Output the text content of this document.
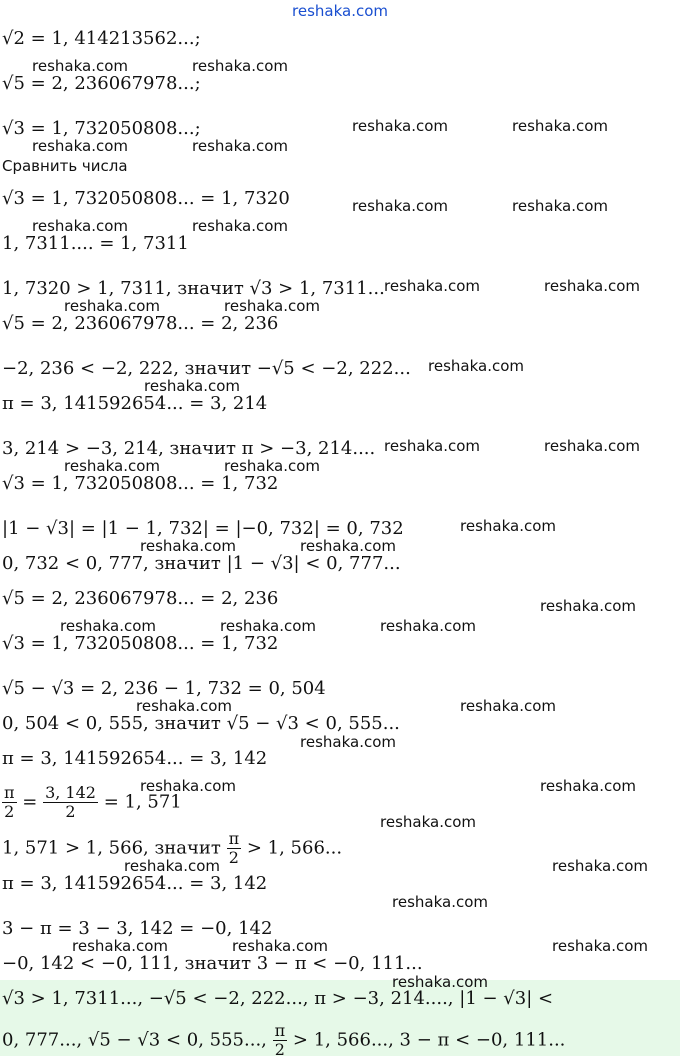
reshaka.com
√2 = 1, 414213562...;
√5 = 2, 236067978...;
√3 = 1, 732050808...;
Сравнить числа
√3 = 1, 732050808... = 1, 7320
1, 7311.... = 1, 7311
1, 7320 > 1, 7311, значит √3 > 1, 7311...
√5 = 2, 236067978... = 2, 236
−2, 236 < −2, 222, значит −√5 < −2, 222...
π = 3, 141592654... = 3, 214
3, 214 > −3, 214, значит π > −3, 214....
√3 = 1, 732050808... = 1, 732
|1 − √3| = |1 − 1, 732| = |−0, 732| = 0, 732
0, 732 < 0, 777, значит |1 − √3| < 0, 777...
√5 = 2, 236067978... = 2, 236
√3 = 1, 732050808... = 1, 732
√5 − √3 = 2, 236 − 1, 732 = 0, 504
0, 504 < 0, 555, значит √5 − √3 < 0, 555...
π = 3, 141592654... = 3, 142
$\frac{\pi}{2} = \frac{3, 142}{2} = 1$, 571
1, 571 > 1, 566, значит $\frac{\pi}{2} > 1$, 566...
π = 3, 141592654... = 3, 142
3 − π = 3 − 3, 142 = −0, 142
−0, 142 < −0, 111, значит 3 − π < −0, 111...
√3 > 1, 7311..., −√5 < −2, 222..., π > −3, 214...., |1 − √3| <
0, 777..., √5 − √3 < 0, 555..., $\frac{\pi}{2} > 1$, 566..., 3 − π < −0, 111...
reshaka.com	reshaka.com
reshaka.com	reshaka.com
reshaka.com	reshaka.com
reshaka.com	reshaka.com
reshaka.com	reshaka.com
reshaka.com	reshaka.com
reshaka.com	reshaka.com
reshaka.com
reshaka.com
reshaka.com	reshaka.com
reshaka.com	reshaka.com
reshaka.com
reshaka.com	reshaka.com
reshaka.com
reshaka.com	reshaka.com	reshaka.com
reshaka.com	reshaka.com
reshaka.com
reshaka.com	reshaka.com
reshaka.com
reshaka.com	reshaka.com
reshaka.com
reshaka.com	reshaka.com	reshaka.com
reshaka.com
